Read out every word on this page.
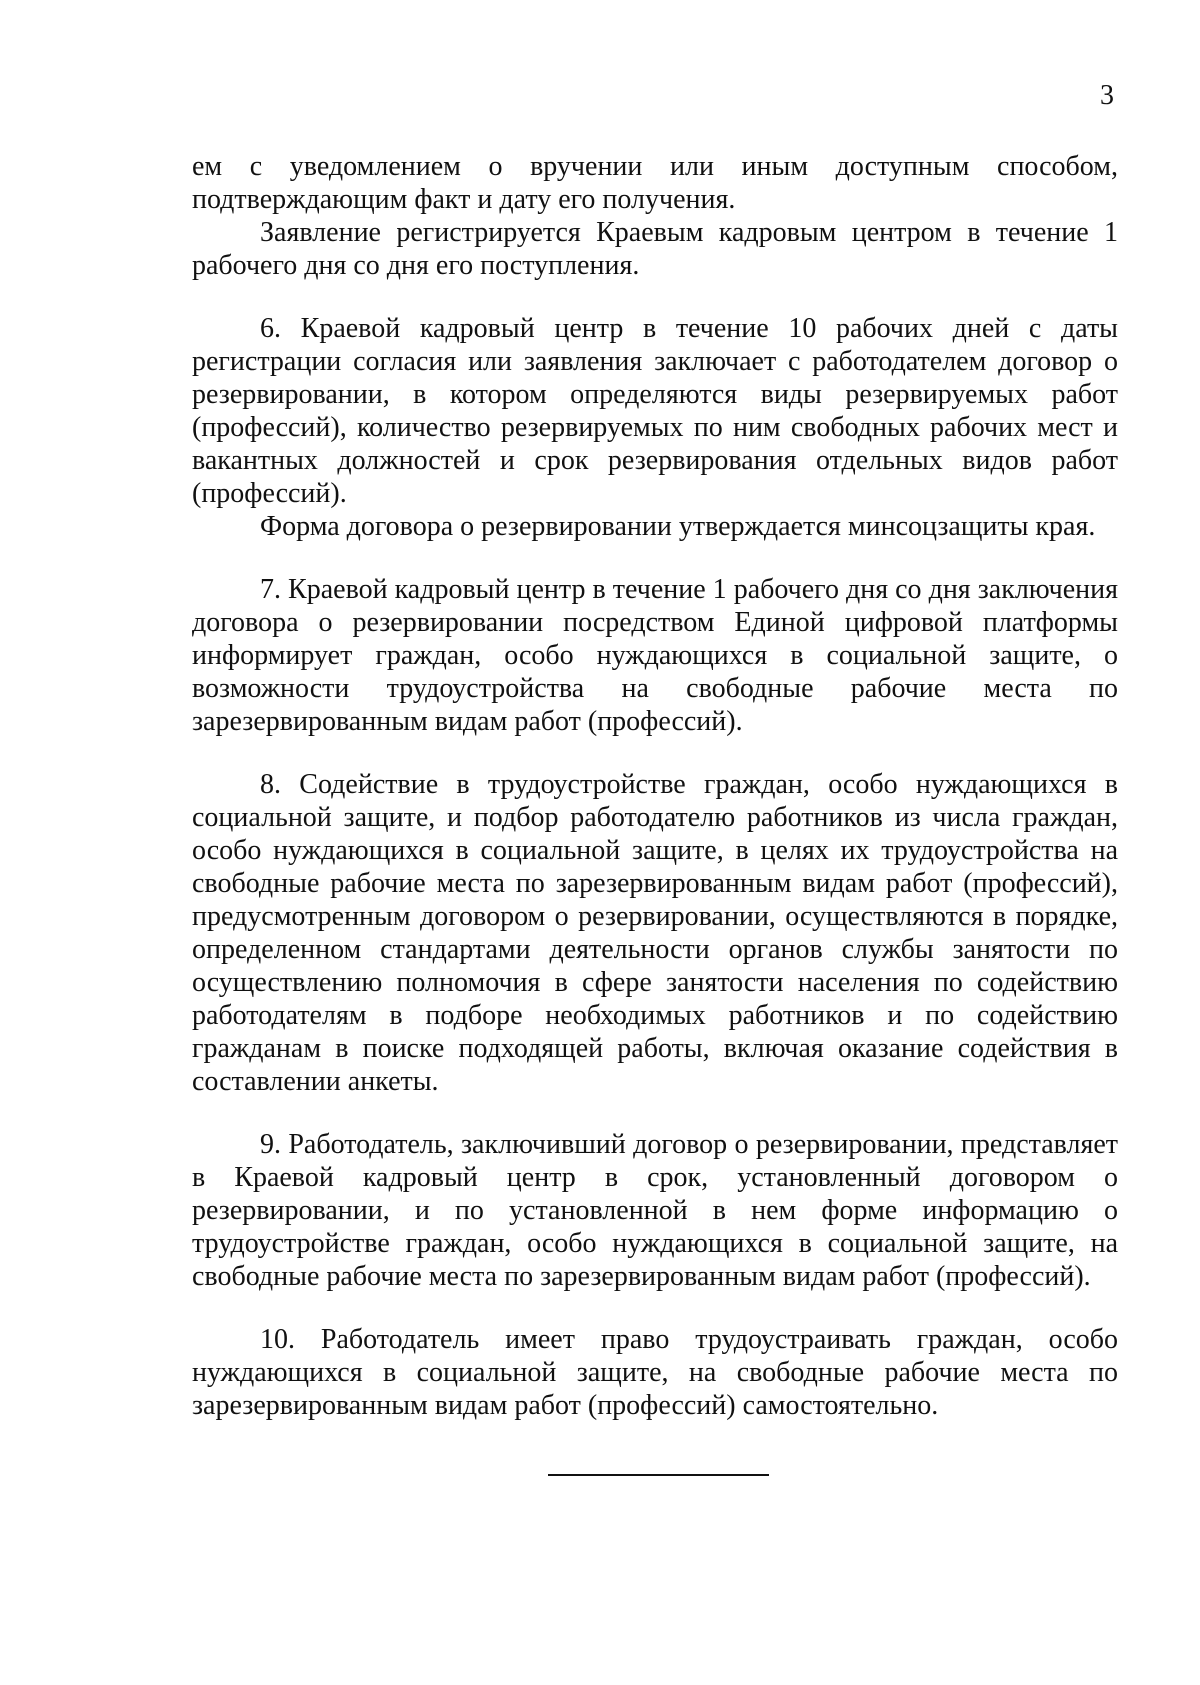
3

ем с уведомлением о вручении или иным доступным способом, подтверждающим факт и дату его получения.

Заявление регистрируется Краевым кадровым центром в течение 1 рабочего дня со дня его поступления.

6. Краевой кадровый центр в течение 10 рабочих дней с даты регистрации согласия или заявления заключает с работодателем договор о резервировании, в котором определяются виды резервируемых работ (профессий), количество резервируемых по ним свободных рабочих мест и вакантных должностей и срок резервирования отдельных видов работ (профессий).

Форма договора о резервировании утверждается минсоцзащиты края.

7. Краевой кадровый центр в течение 1 рабочего дня со дня заключения договора о резервировании посредством Единой цифровой платформы информирует граждан, особо нуждающихся в социальной защите, о возможности трудоустройства на свободные рабочие места по зарезервированным видам работ (профессий).

8. Содействие в трудоустройстве граждан, особо нуждающихся в социальной защите, и подбор работодателю работников из числа граждан, особо нуждающихся в социальной защите, в целях их трудоустройства на свободные рабочие места по зарезервированным видам работ (профессий), предусмотренным договором о резервировании, осуществляются в порядке, определенном стандартами деятельности органов службы занятости по осуществлению полномочия в сфере занятости населения по содействию работодателям в подборе необходимых работников и по содействию гражданам в поиске подходящей работы, включая оказание содействия в составлении анкеты.

9. Работодатель, заключивший договор о резервировании, представляет в Краевой кадровый центр в срок, установленный договором о резервировании, и по установленной в нем форме информацию о трудоустройстве граждан, особо нуждающихся в социальной защите, на свободные рабочие места по зарезервированным видам работ (профессий).

10. Работодатель имеет право трудоустраивать граждан, особо нуждающихся в социальной защите, на свободные рабочие места по зарезервированным видам работ (профессий) самостоятельно.
